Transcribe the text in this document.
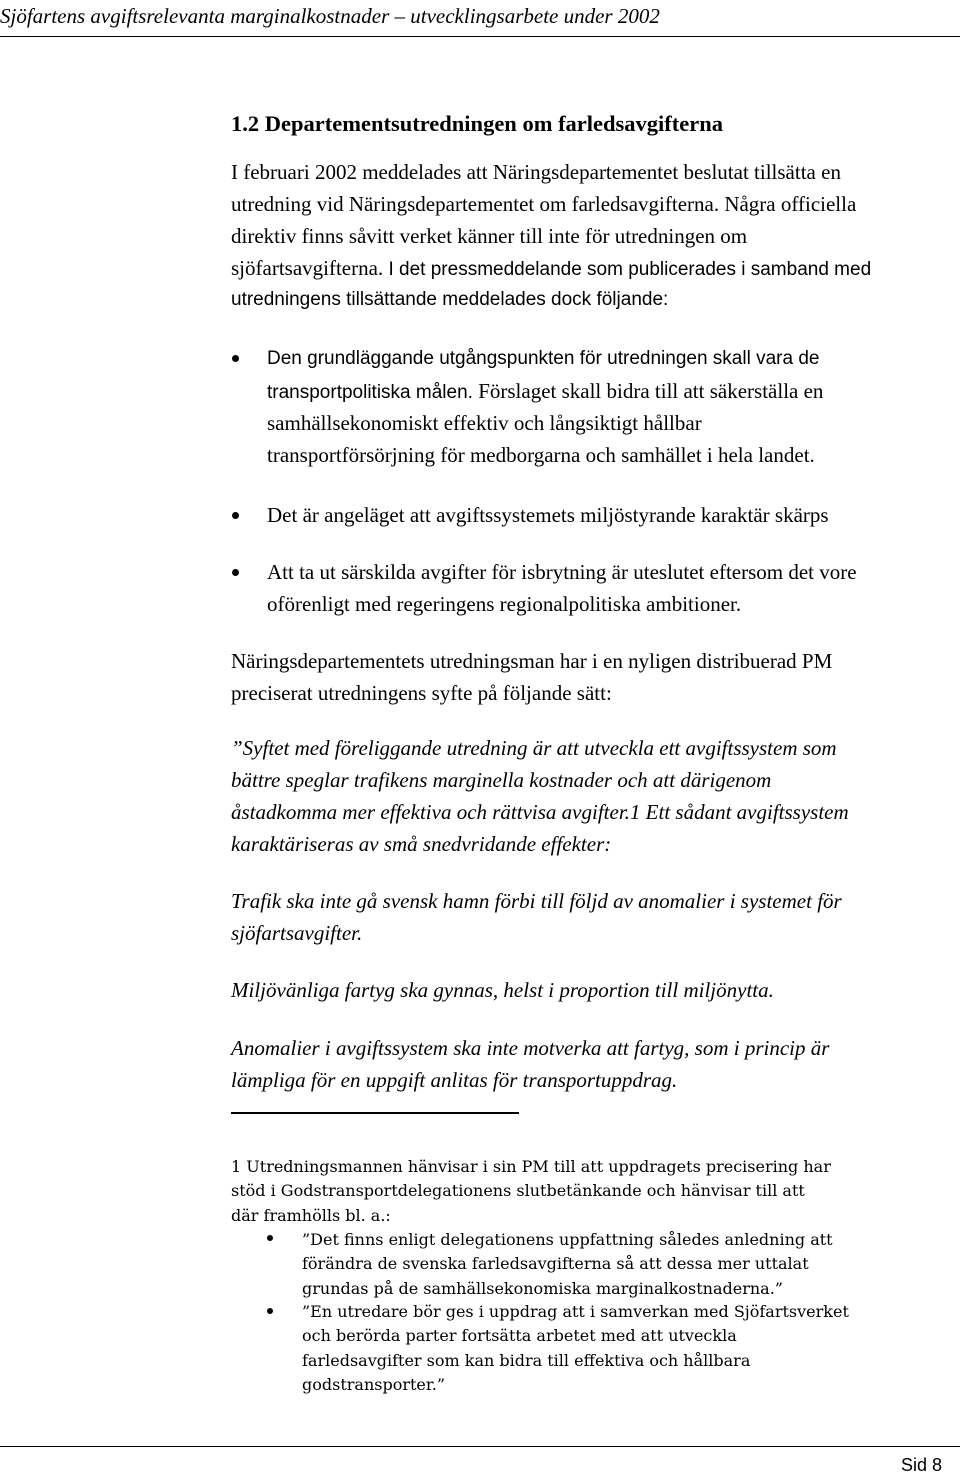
Sjöfartens avgiftsrelevanta marginalkostnader – utvecklingsarbete under 2002
1.2 Departementsutredningen om farledsavgifterna
I februari 2002 meddelades att Näringsdepartementet beslutat tillsätta en
utredning vid Näringsdepartementet om farledsavgifterna. Några officiella
direktiv finns såvitt verket känner till inte för utredningen om
sjöfartsavgifterna. I det pressmeddelande som publicerades i samband med
utredningens tillsättande meddelades dock följande:
Den grundläggande utgångspunkten för utredningen skall vara de
transportpolitiska målen. Förslaget skall bidra till att säkerställa en
samhällsekonomiskt effektiv och långsiktigt hållbar
transportförsörjning för medborgarna och samhället i hela landet.
Det är angeläget att avgiftssystemets miljöstyrande karaktär skärps
Att ta ut särskilda avgifter för isbrytning är uteslutet eftersom det vore
oförenligt med regeringens regionalpolitiska ambitioner.
Näringsdepartementets utredningsman har i en nyligen distribuerad PM
preciserat utredningens syfte på följande sätt:
”Syftet med föreliggande utredning är att utveckla ett avgiftssystem som
bättre speglar trafikens marginella kostnader och att därigenom
åstadkomma mer effektiva och rättvisa avgifter.1 Ett sådant avgiftssystem
karaktäriseras av små snedvridande effekter:
Trafik ska inte gå svensk hamn förbi till följd av anomalier i systemet för
sjöfartsavgifter.
Miljövänliga fartyg ska gynnas, helst i proportion till miljönytta.
Anomalier i avgiftssystem ska inte motverka att fartyg, som i princip är
lämpliga för en uppgift anlitas för transportuppdrag.
1 Utredningsmannen hänvisar i sin PM till att uppdragets precisering har
stöd i Godstransportdelegationens slutbetänkande och hänvisar till att
där framhölls bl. a.:
”Det finns enligt delegationens uppfattning således anledning att
förändra de svenska farledsavgifterna så att dessa mer uttalat
grundas på de samhällsekonomiska marginalkostnaderna.”
”En utredare bör ges i uppdrag att i samverkan med Sjöfartsverket
och berörda parter fortsätta arbetet med att utveckla
farledsavgifter som kan bidra till effektiva och hållbara
godstransporter.”
Sid 8
